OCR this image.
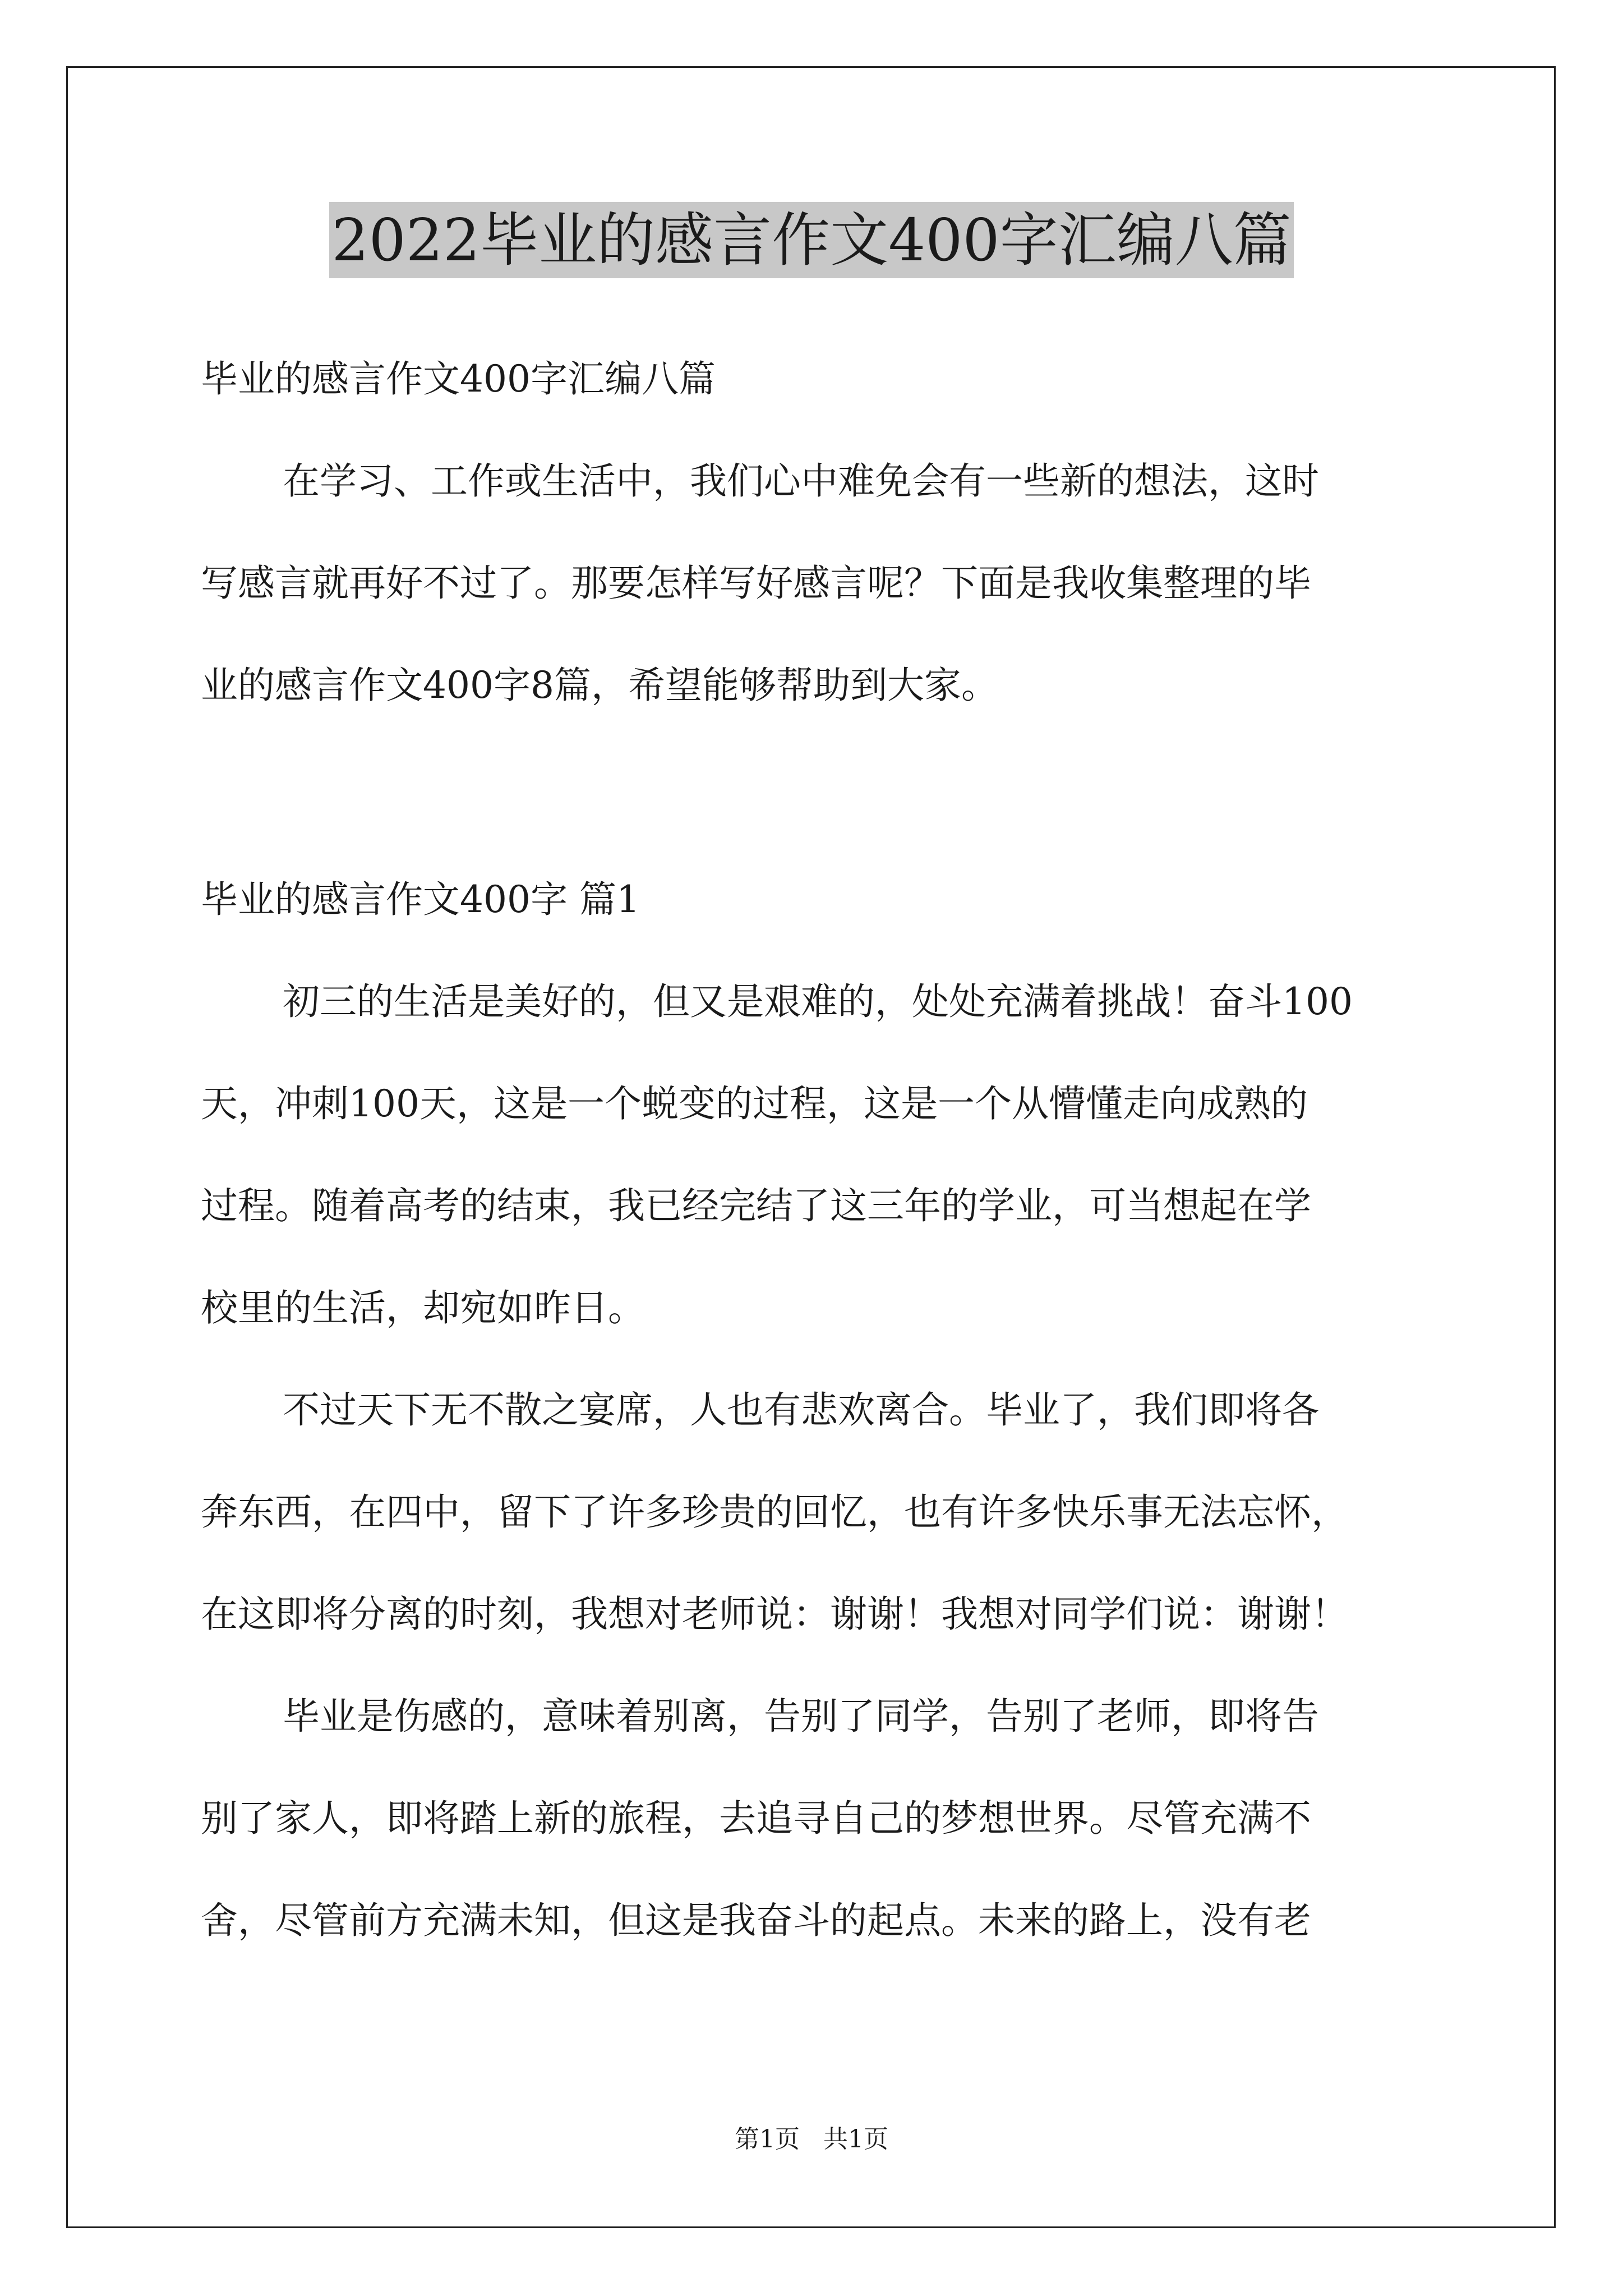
2022毕业的感言作文400字汇编八篇
毕业的感言作文400字汇编八篇
在学习、工作或生活中，我们心中难免会有一些新的想法，这时
写感言就再好不过了。那要怎样写好感言呢？下面是我收集整理的毕
业的感言作文400字8篇，希望能够帮助到大家。
毕业的感言作文400字 篇1
初三的生活是美好的，但又是艰难的，处处充满着挑战！奋斗100
天，冲刺100天，这是一个蜕变的过程，这是一个从懵懂走向成熟的
过程。随着高考的结束，我已经完结了这三年的学业，可当想起在学
校里的生活，却宛如昨日。
不过天下无不散之宴席，人也有悲欢离合。毕业了，我们即将各
奔东西，在四中，留下了许多珍贵的回忆，也有许多快乐事无法忘怀，
在这即将分离的时刻，我想对老师说：谢谢！我想对同学们说：谢谢！
毕业是伤感的，意味着别离，告别了同学，告别了老师，即将告
别了家人，即将踏上新的旅程，去追寻自己的梦想世界。尽管充满不
舍，尽管前方充满未知，但这是我奋斗的起点。未来的路上，没有老
第1页 共1页
